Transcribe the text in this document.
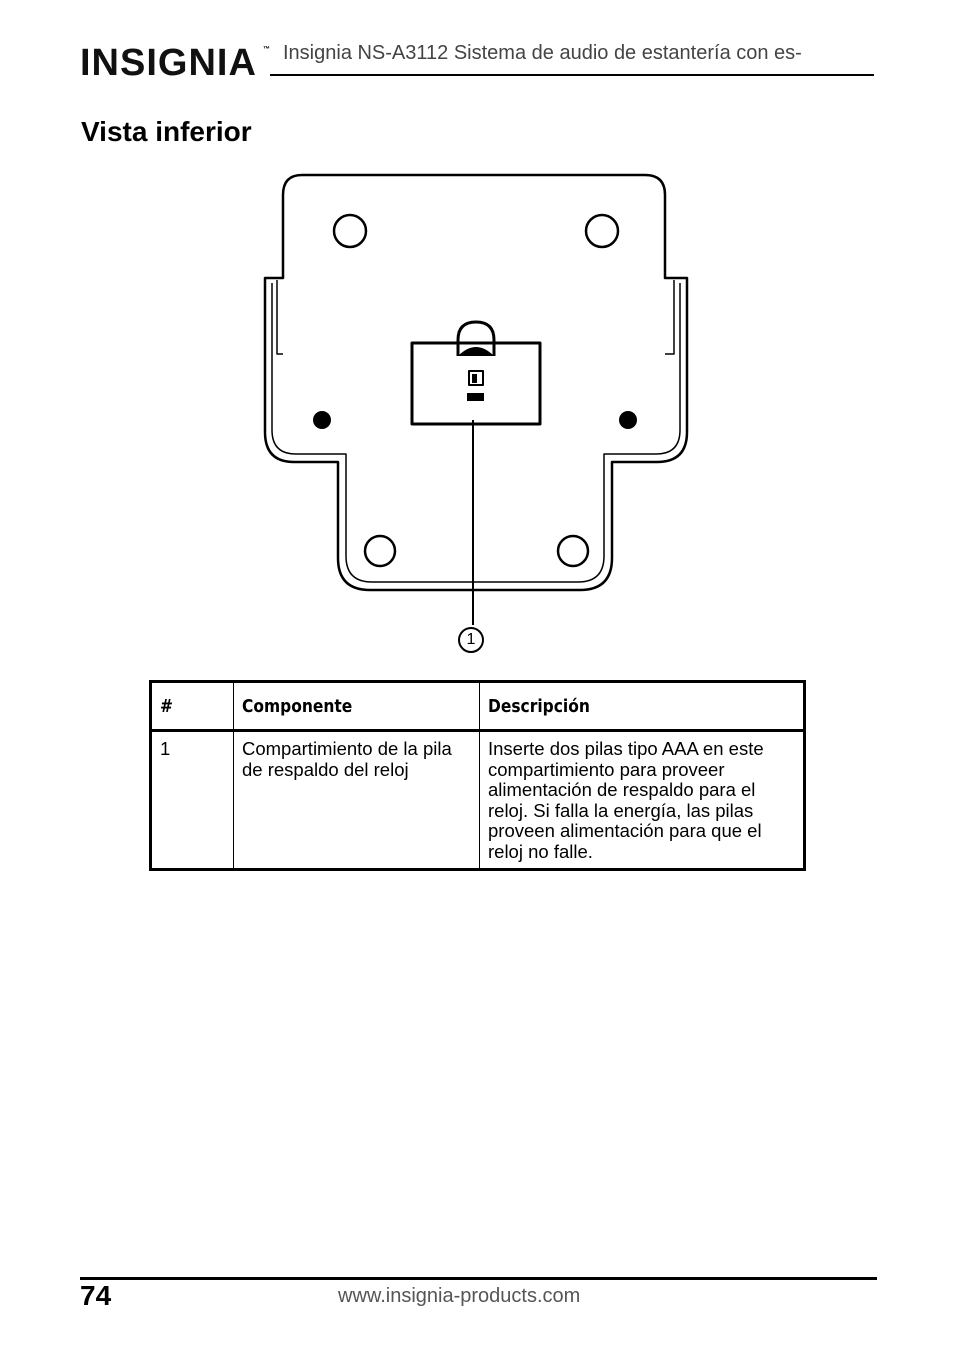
INSIGNIA ™ Insignia NS-A3112 Sistema de audio de estantería con es-
Vista inferior
1
#	Componente	Descripción
1	Compartimiento de la pila de respaldo del reloj	Inserte dos pilas tipo AAA en este compartimiento para proveer alimentación de respaldo para el reloj. Si falla la energía, las pilas proveen alimentación para que el reloj no falle.
74	www.insignia-products.com
